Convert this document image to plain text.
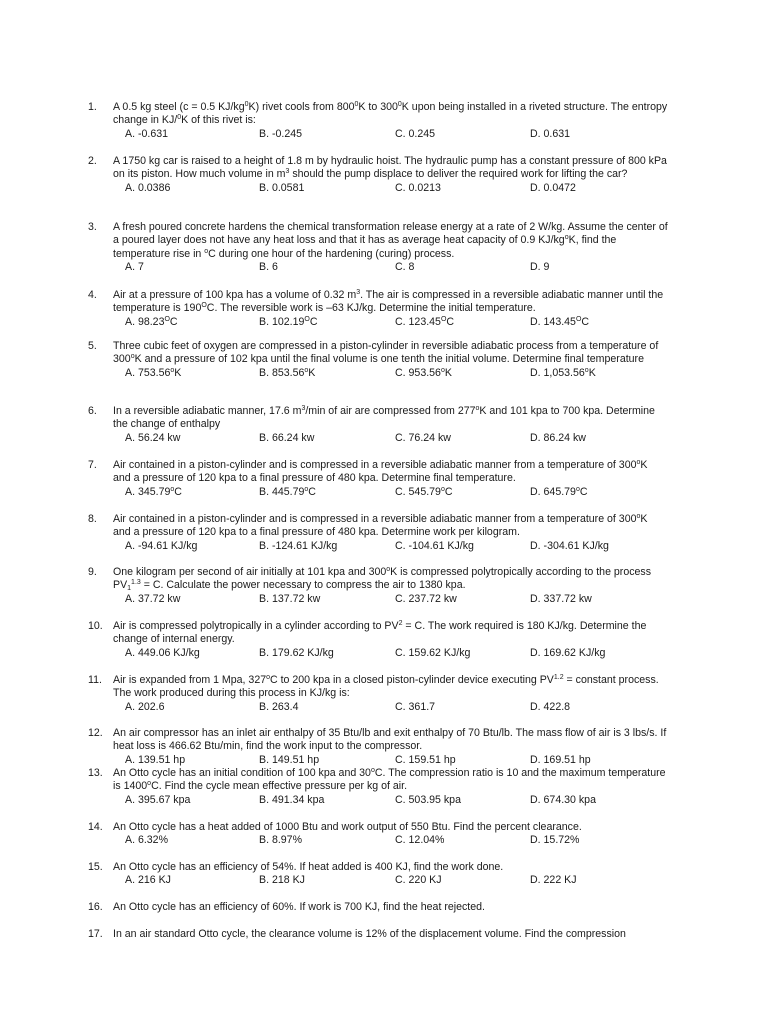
1.	A 0.5 kg steel (c = 0.5 $KJ/kg^0K$) rivet cools from $800^0K$ to $300^0K$ upon being installed in a riveted structure. The entropy change in KJ/$^0$K of this rivet is:
A. -0.631	B. -0.245	C. 0.245	D. 0.631
2.	A 1750 kg car is raised to a height of 1.8 m by hydraulic hoist. The hydraulic pump has a constant pressure of 800 kPa on its piston. How much volume in $m^3$ should the pump displace to deliver the required work for lifting the car?
A. 0.0386	B. 0.0581	C. 0.0213	D. 0.0472
3.	A fresh poured concrete hardens the chemical transformation release energy at a rate of 2 W/kg. Assume the center of a poured layer does not have any heat loss and that it has as average heat capacity of 0.9 $KJ/kg^oK$, find the temperature rise in $^o$C during one hour of the hardening (curing) process.
A. 7	B. 6	C. 8	D. 9
4.	Air at a pressure of 100 kpa has a volume of 0.32 $m^3$. The air is compressed in a reversible adiabatic manner until the temperature is $190^OC$. The reversible work is –63 KJ/kg. Determine the initial temperature.
A. $98.23^OC$	B. $102.19^OC$	C. $123.45^OC$	D. $143.45^OC$
5.	Three cubic feet of oxygen are compressed in a piston-cylinder in reversible adiabatic process from a temperature of 300$^o$K and a pressure of 102 kpa until the final volume is one tenth the initial volume. Determine final temperature
A. 753.56$^o$K	B. 853.56$^o$K	C. 953.56$^o$K	D. 1,053.56$^o$K
6.	In a reversible adiabatic manner, 17.6 $m^3/\min$ of air are compressed from 277$^o$K and 101 kpa to 700 kpa. Determine the change of enthalpy
A. 56.24 kw	B. 66.24 kw	C. 76.24 kw	D. 86.24 kw
7.	Air contained in a piston-cylinder and is compressed in a reversible adiabatic manner from a temperature of 300$^o$K and a pressure of 120 kpa to a final pressure of 480 kpa. Determine final temperature.
A. 345.79$^o$C	B. 445.79$^o$C	C. 545.79$^o$C	D. 645.79$^o$C
8.	Air contained in a piston-cylinder and is compressed in a reversible adiabatic manner from a temperature of 300$^o$K and a pressure of 120 kpa to a final pressure of 480 kpa. Determine work per kilogram.
A. -94.61 KJ/kg	B. -124.61 KJ/kg	C. -104.61 KJ/kg	D. -304.61 KJ/kg
9.	One kilogram per second of air initially at 101 kpa and 300$^o$K is compressed polytropically according to the process $PV_1^{1.3} = C$. Calculate the power necessary to compress the air to 1380 kpa.
A. 37.72 kw	B. 137.72 kw	C. 237.72 kw	D. 337.72 kw
10. Air is compressed polytropically in a cylinder according to $PV^2 = C$. The work required is 180 KJ/kg. Determine the change of internal energy.
A. 449.06 KJ/kg	B. 179.62 KJ/kg	C. 159.62 KJ/kg	D. 169.62 KJ/kg
11.	Air is expanded from 1 Mpa, 327$^o$C to 200 kpa in a closed piston-cylinder device executing $PV^{1.2}$ = constant process. The work produced during this process in KJ/kg is:
A. 202.6	B. 263.4	C. 361.7	D. 422.8
12. An air compressor has an inlet air enthalpy of 35 Btu/lb and exit enthalpy of 70 Btu/lb. The mass flow of air is 3 lbs/s. If heat loss is 466.62 Btu/min, find the work input to the compressor.
A. 139.51 hp	B. 149.51 hp	C. 159.51 hp	D. 169.51 hp
13. An Otto cycle has an initial condition of 100 kpa and 30$^o$C. The compression ratio is 10 and the maximum temperature is 1400$^o$C. Find the cycle mean effective pressure per kg of air.
A. 395.67 kpa	B. 491.34 kpa	C. 503.95 kpa	D. 674.30 kpa
14. An Otto cycle has a heat added of 1000 Btu and work output of 550 Btu. Find the percent clearance.
A. 6.32%	B. 8.97%	C. 12.04%	D. 15.72%
15. An Otto cycle has an efficiency of 54%. If heat added is 400 KJ, find the work done.
A. 216 KJ	B. 218 KJ	C. 220 KJ	D. 222 KJ
16. An Otto cycle has an efficiency of 60%. If work is 700 KJ, find the heat rejected.
17. In an air standard Otto cycle, the clearance volume is 12% of the displacement volume. Find the compression
